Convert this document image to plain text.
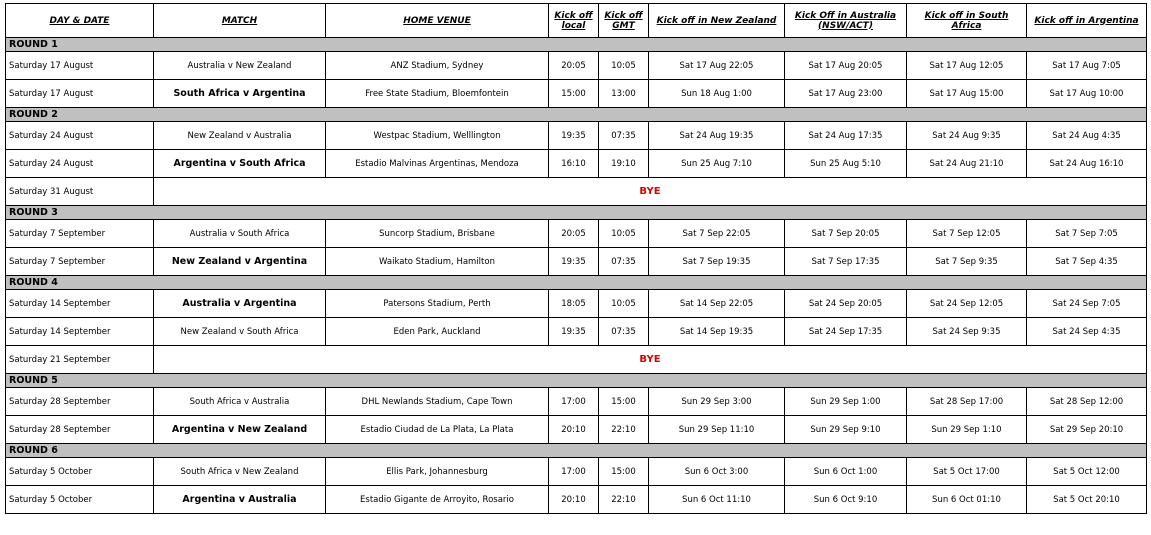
DAY & DATE	MATCH	HOME VENUE	Kick off local	Kick off GMT	Kick off in New Zealand	Kick Off in Australia (NSW/ACT)	Kick off in South Africa	Kick off in Argentina
ROUND 1								
Saturday 17 August	Australia v New Zealand	ANZ Stadium, Sydney	20:05	10:05	Sat 17 Aug 22:05	Sat 17 Aug 20:05	Sat 17 Aug 12:05	Sat 17 Aug 7:05
Saturday 17 August	South Africa v Argentina	Free State Stadium, Bloemfontein	15:00	13:00	Sun 18 Aug 1:00	Sat 17 Aug 23:00	Sat 17 Aug 15:00	Sat 17 Aug 10:00
ROUND 2								
Saturday 24 August	New Zealand v Australia	Westpac Stadium, Welllington	19:35	07:35	Sat 24 Aug 19:35	Sat 24 Aug 17:35	Sat 24 Aug 9:35	Sat 24 Aug 4:35
Saturday 24 August	Argentina v South Africa	Estadio Malvinas Argentinas, Mendoza	16:10	19:10	Sun 25 Aug 7:10	Sun 25 Aug 5:10	Sat 24 Aug 21:10	Sat 24 Aug 16:10
Saturday 31 August	BYE							
ROUND 3								
Saturday 7 September	Australia v South Africa	Suncorp Stadium, Brisbane	20:05	10:05	Sat 7 Sep 22:05	Sat 7 Sep 20:05	Sat 7 Sep 12:05	Sat 7 Sep 7:05
Saturday 7 September	New Zealand v Argentina	Waikato Stadium, Hamilton	19:35	07:35	Sat 7 Sep 19:35	Sat 7 Sep 17:35	Sat 7 Sep 9:35	Sat 7 Sep 4:35
ROUND 4								
Saturday 14 September	Australia v Argentina	Patersons Stadium, Perth	18:05	10:05	Sat 14 Sep 22:05	Sat 24 Sep 20:05	Sat 24 Sep 12:05	Sat 24 Sep 7:05
Saturday 14 September	New Zealand v South Africa	Eden Park, Auckland	19:35	07:35	Sat 14 Sep 19:35	Sat 24 Sep 17:35	Sat 24 Sep 9:35	Sat 24 Sep 4:35
Saturday 21 September	BYE							
ROUND 5								
Saturday 28 September	South Africa v Australia	DHL Newlands Stadium, Cape Town	17:00	15:00	Sun 29 Sep 3:00	Sun 29 Sep 1:00	Sat 28 Sep 17:00	Sat 28 Sep 12:00
Saturday 28 September	Argentina v New Zealand	Estadio Ciudad de La Plata, La Plata	20:10	22:10	Sun 29 Sep 11:10	Sun 29 Sep 9:10	Sun 29 Sep 1:10	Sat 29 Sep 20:10
ROUND 6								
Saturday 5 October	South Africa v New Zealand	Ellis Park, Johannesburg	17:00	15:00	Sun 6 Oct 3:00	Sun 6 Oct 1:00	Sat 5 Oct 17:00	Sat 5 Oct 12:00
Saturday 5 October	Argentina v Australia	Estadio Gigante de Arroyito, Rosario	20:10	22:10	Sun 6 Oct 11:10	Sun 6 Oct 9:10	Sun 6 Oct 01:10	Sat 5 Oct 20:10
